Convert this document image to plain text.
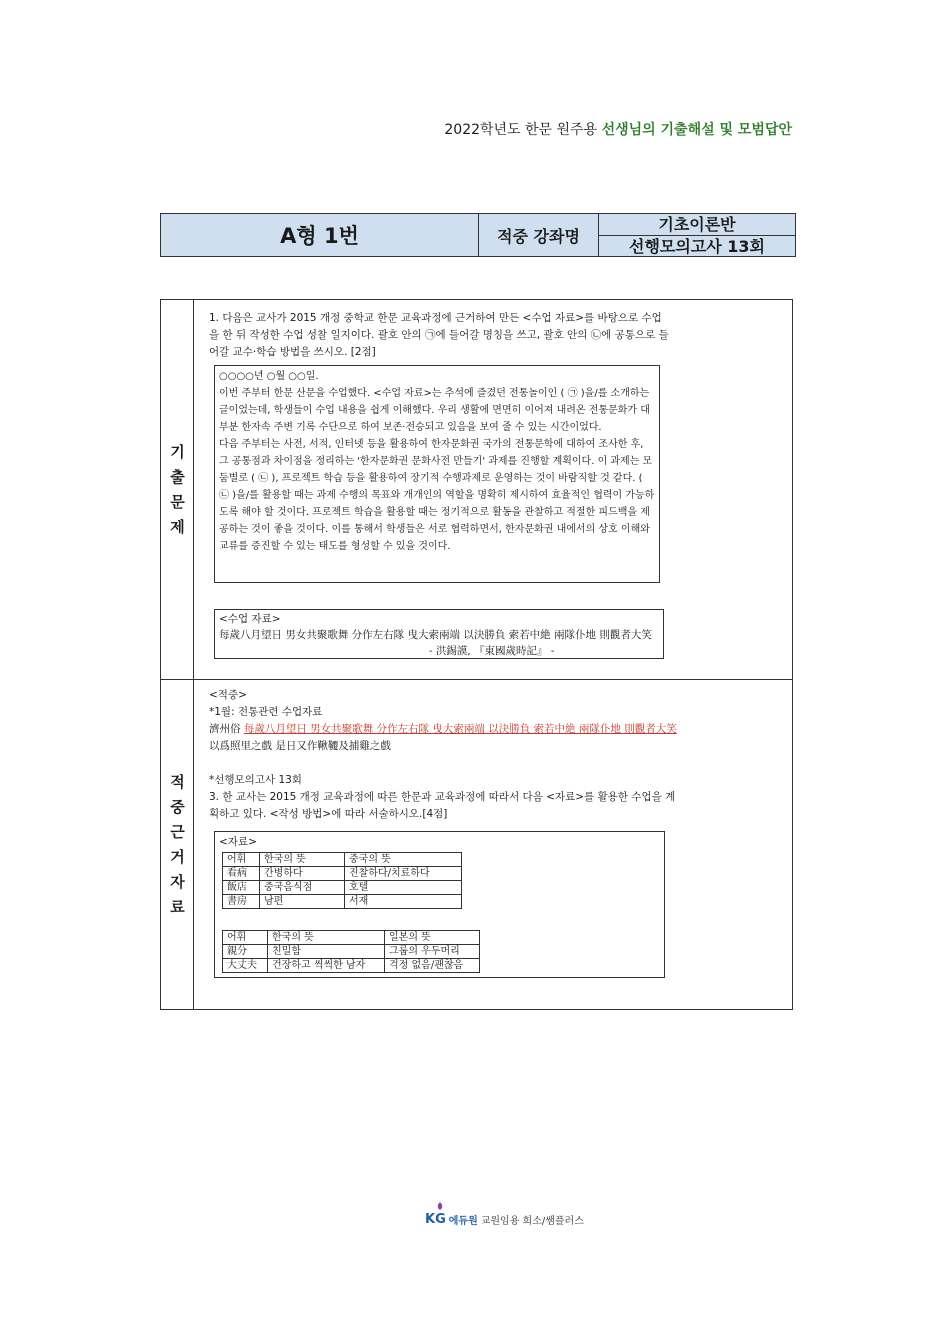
2022학년도 한문 원주용 선생님의 기출해설 및 모범답안
A형 1번	적중 강좌명
기초이론반
선행모의고사 13회
기
출
문
제
적
중
근
거
자
료
1. 다음은 교사가 2015 개정 중학교 한문 교육과정에 근거하여 만든 <수업 자료>를 바탕으로 수업을 한 뒤 작성한 수업 성찰 일지이다. 괄호 안의 ㉠에 들어갈 명칭을 쓰고, 괄호 안의 ㉡에 공통으로 들어갈 교수·학습 방법을 쓰시오. [2점]
○○○○년 ○월 ○○일.
이번 주부터 한문 산문을 수업했다. <수업 자료>는 추석에 즐겼던 전통놀이인 ( ㉠ )을/를 소개하는 글이었는데, 학생들이 수업 내용을 쉽게 이해했다. 우리 생활에 면면히 이어져 내려온 전통문화가 대부분 한자속 주변 기록 수단으로 하여 보존·전승되고 있음을 보여 줄 수 있는 시간이었다.
다음 주부터는 사전, 서적, 인터넷 등을 활용하여 한자문화권 국가의 전통문학에 대하여 조사한 후, 그 공통점과 차이점을 정리하는 '한자문화권 문화사전 만들기' 과제를 진행할 계획이다. 이 과제는 모둠별로 ( ㉡ ), 프로젝트 학습 등을 활용하여 장기적 수행과제로 운영하는 것이 바람직할 것 같다. ( ㉡ )을/를 활용할 때는 과제 수행의 목표와 개개인의 역할을 명확히 제시하여 효율적인 협력이 가능하도록 해야 할 것이다. 프로젝트 학습을 활용할 때는 정기적으로 활동을 관찰하고 적절한 피드백을 제공하는 것이 좋을 것이다. 이를 통해서 학생들은 서로 협력하면서, 한자문화권 내에서의 상호 이해와 교류를 증진할 수 있는 태도를 형성할 수 있을 것이다.
<수업 자료>
每歲八月望日 男女共聚歌舞 分作左右隊 曳大索兩端 以決勝負 索若中絶 兩隊仆地 則觀者大笑
- 洪錫謨, 『東國歲時記』 -
<적중>
*1월: 전통관련 수업자료
濟州俗 每歲八月望日 男女共聚歌舞 分作左右隊 曳大索兩端 以決勝負 索若中絶 兩隊仆地 則觀者大笑 以爲照里之戲 是日又作鞦韆及捕雞之戲
*선행모의고사 13회
3. 한 교사는 2015 개정 교육과정에 따른 한문과 교육과정에 따라서 다음 <자료>를 활용한 수업을 계획하고 있다. <작성 방법>에 따라 서술하시오.[4점]
<자료>
어휘	한국의 뜻	중국의 뜻
看病	간병하다	진찰하다/치료하다
飯店	중국음식점	호텔
書房	남편	서재
어휘	한국의 뜻	일본의 뜻
親分	친밀함	그룹의 우두머리
大丈夫	건장하고 씩씩한 남자	걱정 없음/괜찮음
KG 에듀원 교원임용 희소/쌤플러스
